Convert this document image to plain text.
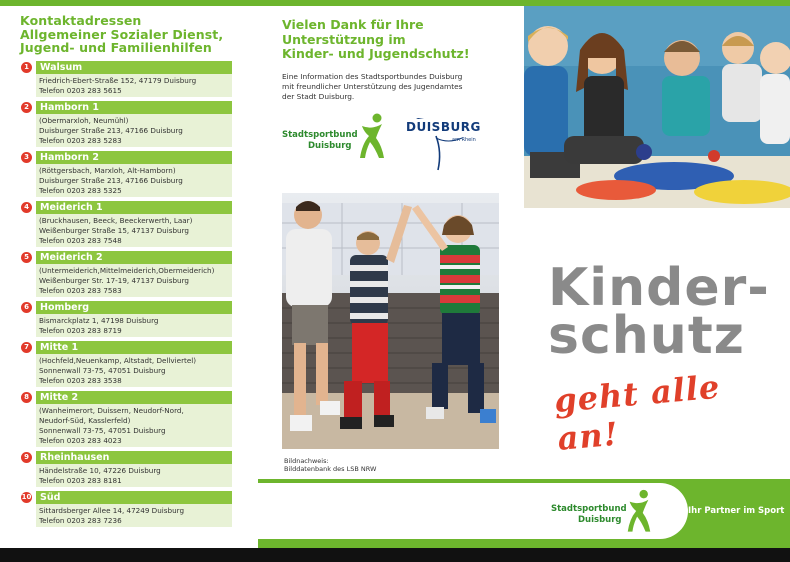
Kontaktadressen
Allgemeiner Sozialer Dienst,
Jugend- und Familienhilfen
1	Walsum
Friedrich-Ebert-Straße 152, 47179 Duisburg
Telefon 0203 283 5615
2	Hamborn 1
(Obermarxloh, Neumühl)
Duisburger Straße 213, 47166 Duisburg
Telefon 0203 283 5283
3	Hamborn 2
(Röttgersbach, Marxloh, Alt-Hamborn)
Duisburger Straße 213, 47166 Duisburg
Telefon 0203 283 5325
4	Meiderich 1
(Bruckhausen, Beeck, Beeckerwerth, Laar)
Weißenburger Straße 15, 47137 Duisburg
Telefon 0203 283 7548
5	Meiderich 2
(Untermeiderich,Mittelmeiderich,Obermeiderich)
Weißenburger Str. 17-19, 47137 Duisburg
Telefon 0203 283 7583
6	Homberg
Bismarckplatz 1, 47198 Duisburg
Telefon 0203 283 8719
7	Mitte 1
(Hochfeld,Neuenkamp, Altstadt, Dellviertel)
Sonnenwall 73-75, 47051 Duisburg
Telefon 0203 283 3538
8	Mitte 2
(Wanheimerort, Duissern, Neudorf-Nord,
Neudorf-Süd, Kasslerfeld)
Sonnenwall 73-75, 47051 Duisburg
Telefon 0203 283 4023
9	Rheinhausen
Händelstraße 10, 47226 Duisburg
Telefon 0203 283 8181
10 Süd
Sittardsberger Allee 14, 47249 Duisburg
Telefon 0203 283 7236
Vielen Dank für Ihre
Unterstützung im
Kinder- und Jugendschutz!
Eine Information des Stadtsportbundes Duisburg
mit freundlicher Unterstützung des Jugendamtes
der Stadt Duisburg.
Stadtsportbund
Duisburg
DUISBURG
am Rhein
Bildnachweis:
Bilddatenbank des LSB NRW
Kinder-
schutz
geht alle an!
Stadtsportbund
Duisburg
Ihr Partner im Sport
